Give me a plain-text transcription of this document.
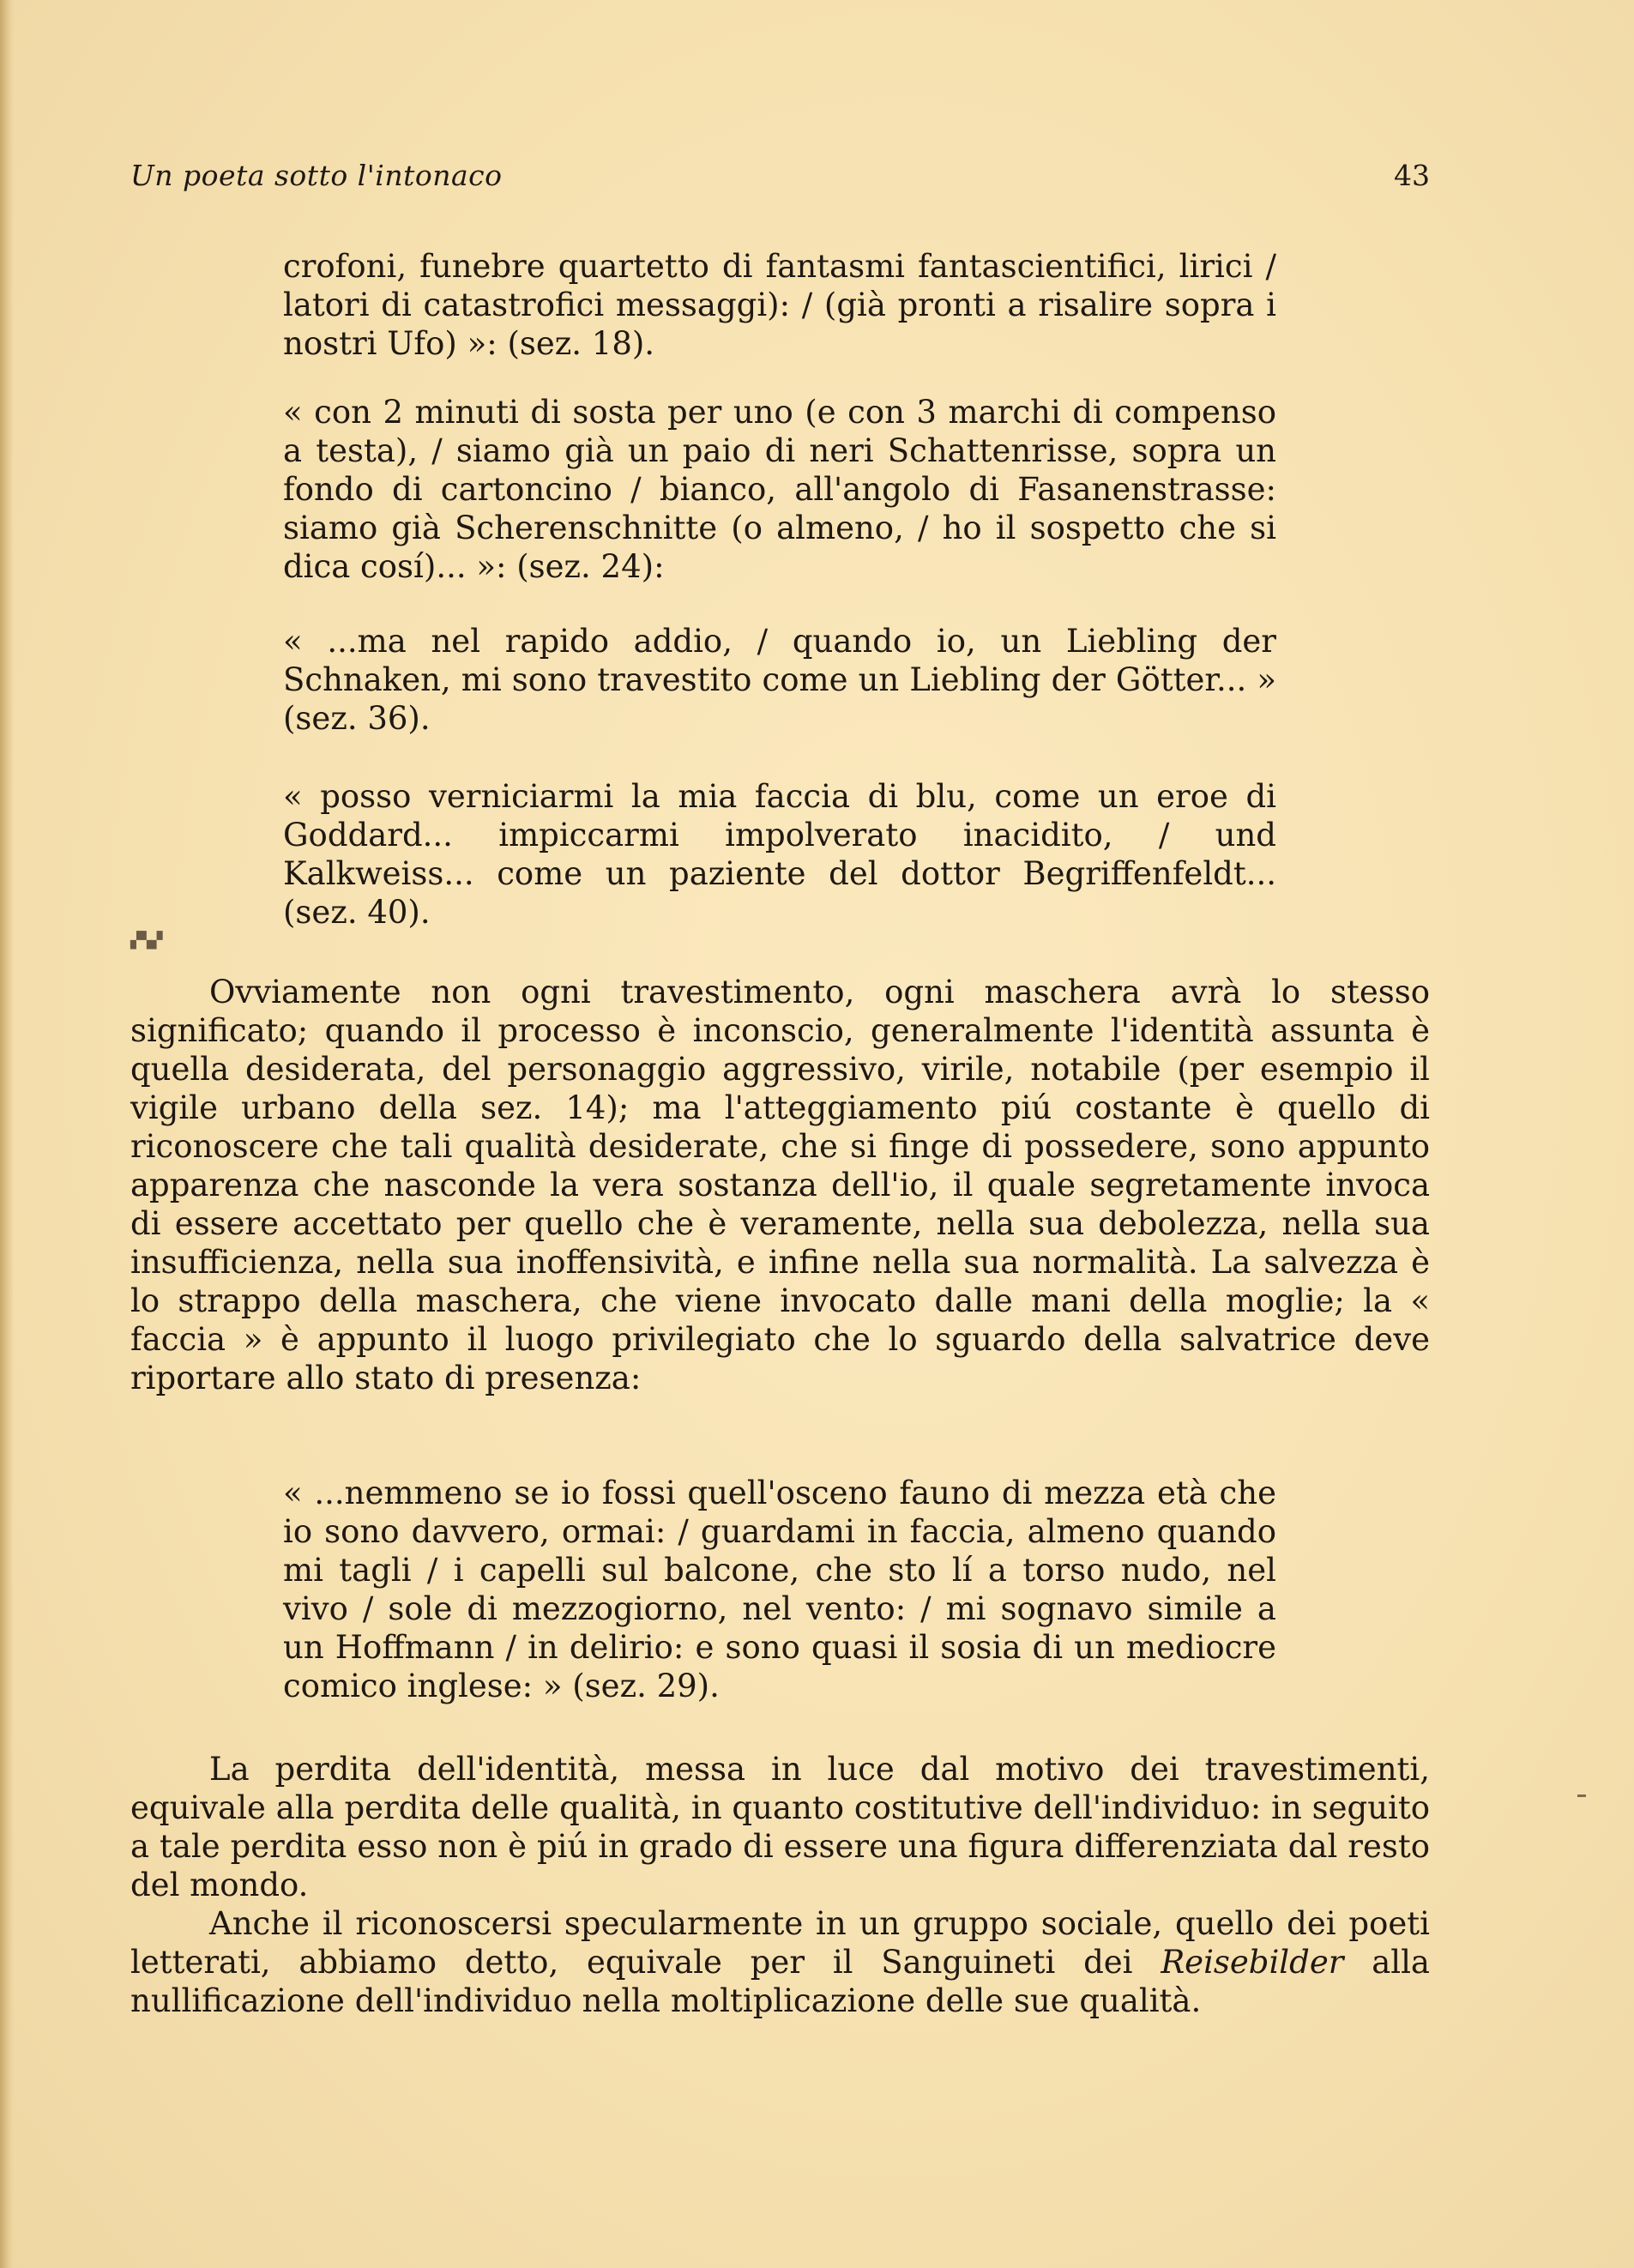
Un poeta sotto l'intonaco	43

crofoni, funebre quartetto di fantasmi fantascientifici, lirici / latori di catastrofici messaggi): / (già pronti a risalire sopra i nostri Ufo) »: (sez. 18).

« con 2 minuti di sosta per uno (e con 3 marchi di compenso a testa), / siamo già un paio di neri Schattenrisse, sopra un fondo di cartoncino / bianco, all'angolo di Fasanenstrasse: siamo già Scherenschnitte (o almeno, / ho il sospetto che si dica cosí)... »: (sez. 24):

« ...ma nel rapido addio, / quando io, un Liebling der Schnaken, mi sono travestito come un Liebling der Götter... » (sez. 36).

« posso verniciarmi la mia faccia di blu, come un eroe di Goddard... impiccarmi impolverato inacidito, / und Kalkweiss... come un paziente del dottor Begriffenfeldt... (sez. 40).

▞▚▞

Ovviamente non ogni travestimento, ogni maschera avrà lo stesso significato; quando il processo è inconscio, generalmente l'identità assunta è quella desiderata, del personaggio aggressivo, virile, notabile (per esempio il vigile urbano della sez. 14); ma l'atteggiamento piú costante è quello di riconoscere che tali qualità desiderate, che si finge di possedere, sono appunto apparenza che nasconde la vera sostanza dell'io, il quale segretamente invoca di essere accettato per quello che è veramente, nella sua debolezza, nella sua insufficienza, nella sua inoffensività, e infine nella sua normalità. La salvezza è lo strappo della maschera, che viene invocato dalle mani della moglie; la « faccia » è appunto il luogo privilegiato che lo sguardo della salvatrice deve riportare allo stato di presenza:

« ...nemmeno se io fossi quell'osceno fauno di mezza età che io sono davvero, ormai: / guardami in faccia, almeno quando mi tagli / i capelli sul balcone, che sto lí a torso nudo, nel vivo / sole di mezzogiorno, nel vento: / mi sognavo simile a un Hoffmann / in delirio: e sono quasi il sosia di un mediocre comico inglese: » (sez. 29).

La perdita dell'identità, messa in luce dal motivo dei travestimenti, equivale alla perdita delle qualità, in quanto costitutive dell'individuo: in seguito a tale perdita esso non è piú in grado di essere una figura differenziata dal resto del mondo.

Anche il riconoscersi specularmente in un gruppo sociale, quello dei poeti letterati, abbiamo detto, equivale per il Sanguineti dei Reisebilder alla nullificazione dell'individuo nella moltiplicazione delle sue qualità.
